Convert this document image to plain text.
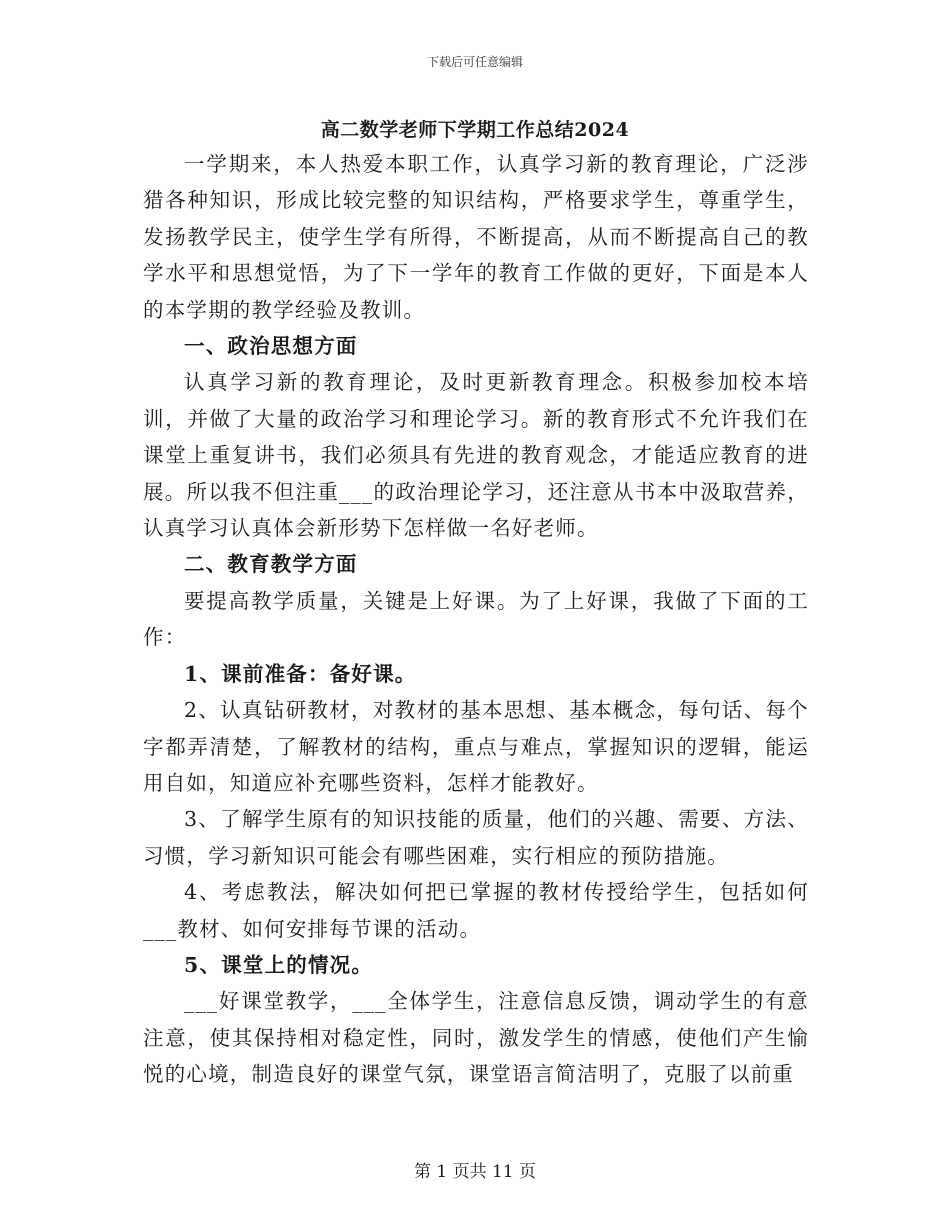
下载后可任意编辑
高二数学老师下学期工作总结2024

一学期来，本人热爱本职工作，认真学习新的教育理论，广泛涉猎各种知识，形成比较完整的知识结构，严格要求学生，尊重学生，发扬教学民主，使学生学有所得，不断提高，从而不断提高自己的教学水平和思想觉悟，为了下一学年的教育工作做的更好，下面是本人的本学期的教学经验及教训。

一、政治思想方面

认真学习新的教育理论，及时更新教育理念。积极参加校本培训，并做了大量的政治学习和理论学习。新的教育形式不允许我们在课堂上重复讲书，我们必须具有先进的教育观念，才能适应教育的进展。所以我不但注重___的政治理论学习，还注意从书本中汲取营养，认真学习认真体会新形势下怎样做一名好老师。

二、教育教学方面

要提高教学质量，关键是上好课。为了上好课，我做了下面的工作：

1、课前准备：备好课。

2、认真钻研教材，对教材的基本思想、基本概念，每句话、每个字都弄清楚，了解教材的结构，重点与难点，掌握知识的逻辑，能运用自如，知道应补充哪些资料，怎样才能教好。

3、了解学生原有的知识技能的质量，他们的兴趣、需要、方法、习惯，学习新知识可能会有哪些困难，实行相应的预防措施。

4、考虑教法，解决如何把已掌握的教材传授给学生，包括如何___教材、如何安排每节课的活动。

5、课堂上的情况。

___好课堂教学，___全体学生，注意信息反馈，调动学生的有意注意，使其保持相对稳定性，同时，激发学生的情感，使他们产生愉悦的心境，制造良好的课堂气氛，课堂语言简洁明了，克服了以前重

第 1 页共 11 页
